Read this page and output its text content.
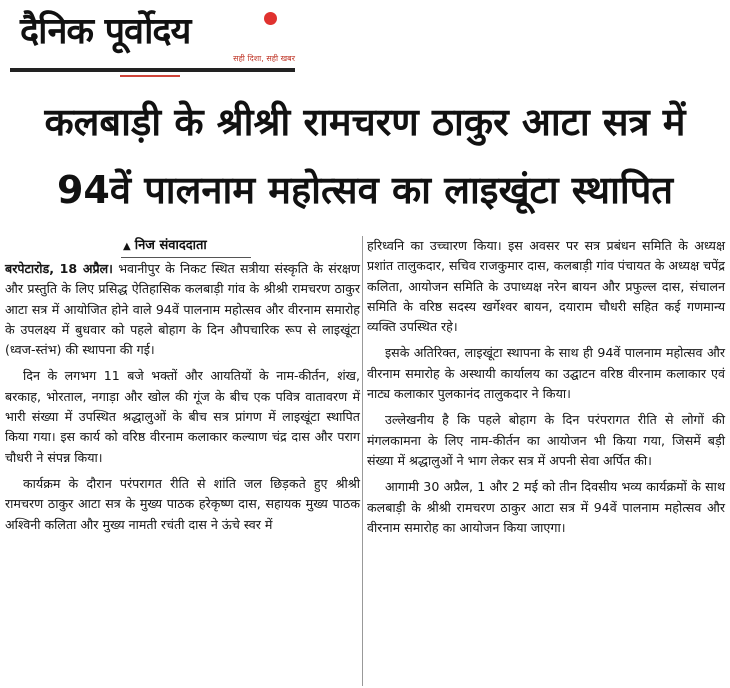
दैनिक पूर्वोदय
सही दिशा, सही खबर
कलबाड़ी के श्रीश्री रामचरण ठाकुर आटा सत्र में
94वें पालनाम महोत्सव का लाइखूंटा स्थापित
▲ निज संवाददाता

बरपेटारोड, 18 अप्रैल। भवानीपुर के निकट स्थित सत्रीया संस्कृति के संरक्षण और प्रस्तुति के लिए प्रसिद्ध ऐतिहासिक कलबाड़ी गांव के श्रीश्री रामचरण ठाकुर आटा सत्र में आयोजित होने वाले 94वें पालनाम महोत्सव और वीरनाम समारोह के उपलक्ष्य में बुधवार को पहले बोहाग के दिन औपचारिक रूप से लाइखूंटा (ध्वज-स्तंभ) की स्थापना की गई।

दिन के लगभग 11 बजे भक्तों और आयतियों के नाम-कीर्तन, शंख, बरकाह, भोरताल, नगाड़ा और खोल की गूंज के बीच एक पवित्र वातावरण में भारी संख्या में उपस्थित श्रद्धालुओं के बीच सत्र प्रांगण में लाइखूंटा स्थापित किया गया। इस कार्य को वरिष्ठ वीरनाम कलाकार कल्याण चंद्र दास और पराग चौधरी ने संपन्न किया।

कार्यक्रम के दौरान परंपरागत रीति से शांति जल छिड़कते हुए श्रीश्री रामचरण ठाकुर आटा सत्र के मुख्य पाठक हरेकृष्ण दास, सहायक मुख्य पाठक अश्विनी कलिता और मुख्य नामती रचंती दास ने ऊंचे स्वर में

हरिध्वनि का उच्चारण किया। इस अवसर पर सत्र प्रबंधन समिति के अध्यक्ष प्रशांत तालुकदार, सचिव राजकुमार दास, कलबाड़ी गांव पंचायत के अध्यक्ष चपेंद्र कलिता, आयोजन समिति के उपाध्यक्ष नरेन बायन और प्रफुल्ल दास, संचालन समिति के वरिष्ठ सदस्य खर्गेश्वर बायन, दयाराम चौधरी सहित कई गणमान्य व्यक्ति उपस्थित रहे।

इसके अतिरिक्त, लाइखूंटा स्थापना के साथ ही 94वें पालनाम महोत्सव और वीरनाम समारोह के अस्थायी कार्यालय का उद्घाटन वरिष्ठ वीरनाम कलाकार एवं नाट्य कलाकार पुलकानंद तालुकदार ने किया।

उल्लेखनीय है कि पहले बोहाग के दिन परंपरागत रीति से लोगों की मंगलकामना के लिए नाम-कीर्तन का आयोजन भी किया गया, जिसमें बड़ी संख्या में श्रद्धालुओं ने भाग लेकर सत्र में अपनी सेवा अर्पित की।

आगामी 30 अप्रैल, 1 और 2 मई को तीन दिवसीय भव्य कार्यक्रमों के साथ कलबाड़ी के श्रीश्री रामचरण ठाकुर आटा सत्र में 94वें पालनाम महोत्सव और वीरनाम समारोह का आयोजन किया जाएगा।
